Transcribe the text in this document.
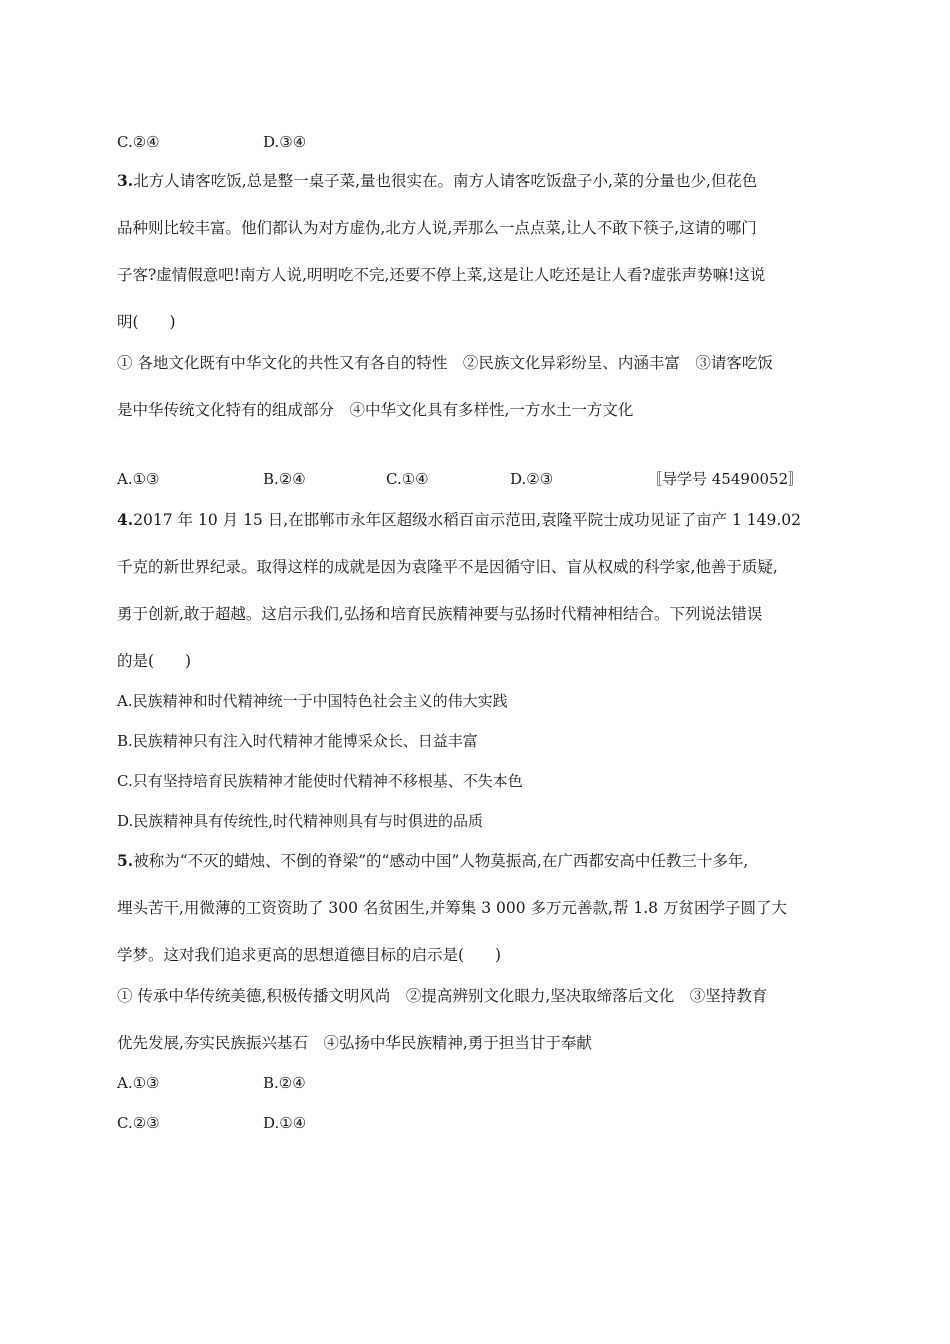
C.②④	D.③④
3.北方人请客吃饭,总是整一桌子菜,量也很实在。南方人请客吃饭盘子小,菜的分量也少,但花色
品种则比较丰富。他们都认为对方虚伪,北方人说,弄那么一点点菜,让人不敢下筷子,这请的哪门
子客?虚情假意吧!南方人说,明明吃不完,还要不停上菜,这是让人吃还是让人看?虚张声势嘛!这说
明(　　)
① 各地文化既有中华文化的共性又有各自的特性　②民族文化异彩纷呈、内涵丰富　③请客吃饭
是中华传统文化特有的组成部分　④中华文化具有多样性,一方水土一方文化
A.①③	B.②④	C.①④	D.②③	〚导学号 45490052〛
4.2017 年 10 月 15 日,在邯郸市永年区超级水稻百亩示范田,袁隆平院士成功见证了亩产 1 149.02
千克的新世界纪录。取得这样的成就是因为袁隆平不是因循守旧、盲从权威的科学家,他善于质疑,
勇于创新,敢于超越。这启示我们,弘扬和培育民族精神要与弘扬时代精神相结合。下列说法错误
的是(　　)
A.民族精神和时代精神统一于中国特色社会主义的伟大实践
B.民族精神只有注入时代精神才能博采众长、日益丰富
C.只有坚持培育民族精神才能使时代精神不移根基、不失本色
D.民族精神具有传统性,时代精神则具有与时俱进的品质
5.被称为“不灭的蜡烛、不倒的脊梁”的“感动中国”人物莫振高,在广西都安高中任教三十多年,
埋头苦干,用微薄的工资资助了 300 名贫困生,并筹集 3 000 多万元善款,帮 1.8 万贫困学子圆了大
学梦。这对我们追求更高的思想道德目标的启示是(　　)
① 传承中华传统美德,积极传播文明风尚　②提高辨别文化眼力,坚决取缔落后文化　③坚持教育
优先发展,夯实民族振兴基石　④弘扬中华民族精神,勇于担当甘于奉献
A.①③	B.②④
C.②③	D.①④
